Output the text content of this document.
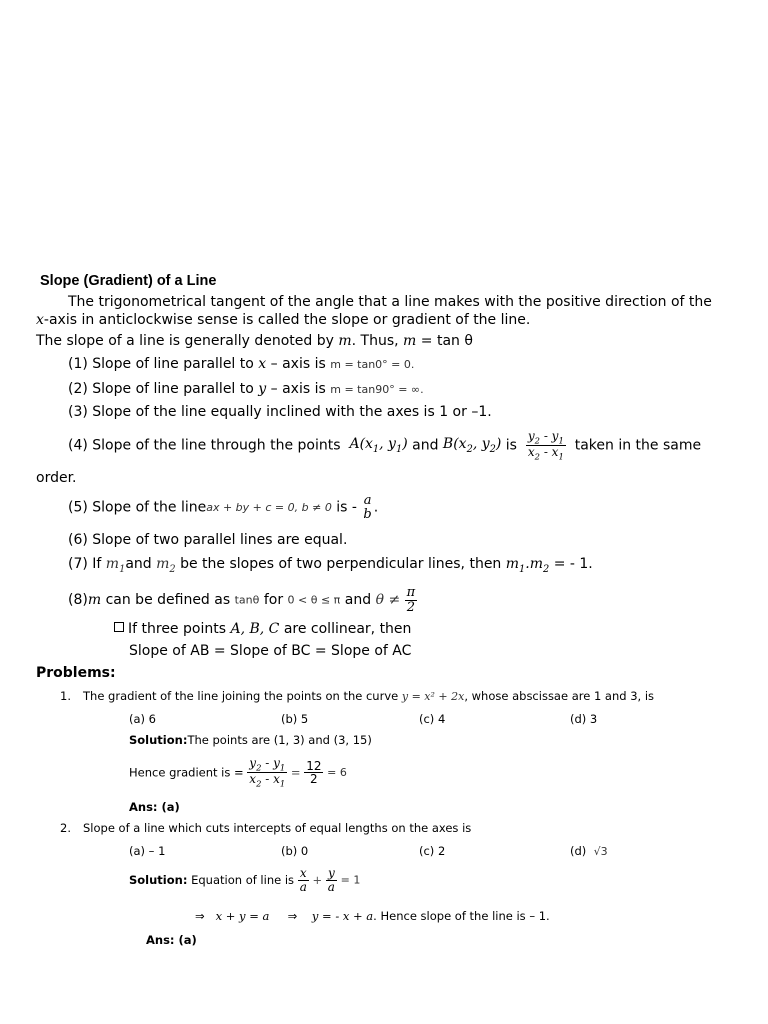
Slope (Gradient) of a Line
The trigonometrical tangent of the angle that a line makes with the positive direction of the
x-axis in anticlockwise sense is called the slope or gradient of the line.
The slope of a line is generally denoted by m. Thus, m = tan θ
(1) Slope of line parallel to x – axis is m = tan0° = 0.
(2) Slope of line parallel to y – axis is m = tan90° = ∞.
(3) Slope of the line equally inclined with the axes is 1 or –1.
(4) Slope of the line through the points $A(x_1$, $y_1$) and $B(x_2$, $y_2$) is $\frac{y_2 - y_1}{x_2 - x_1}$ taken in the same
order.
(5) Slope of the lineax + by + c = 0, b ≠ 0 is - a
b .
(6) Slope of two parallel lines are equal.
(7) If $m_1and$ $m_2$ be the slopes of two perpendicular lines, then $m_1.m_2$ = - 1.
(8)m can be defined as tanθ for 0 < θ ≤ π and $\theta \ne \frac{\pi}{2}$
If three points A, B, C are collinear, then
Slope of AB = Slope of BC = Slope of AC
Problems:
1. The gradient of the line joining the points on the curve y = x² + 2x, whose abscissae are 1 and 3, is
(a) 6	(b) 5	(c) 4	(d) 3
Solution:The points are (1, 3) and (3, 15)
Hence gradient is = $\frac{y_2 - y_1}{x_2 - x_1} = \frac{12}{2} = 6$
Ans: (a)
2. Slope of a line which cuts intercepts of equal lengths on the axes is
(a) – 1	(b) 0	(c) 2	(d) √3
Solution: Equation of line is $\frac{x}{a} + \frac{y}{a} = 1$
⇒ x + y = a ⇒ y = - x + a. Hence slope of the line is – 1.
Ans: (a)
